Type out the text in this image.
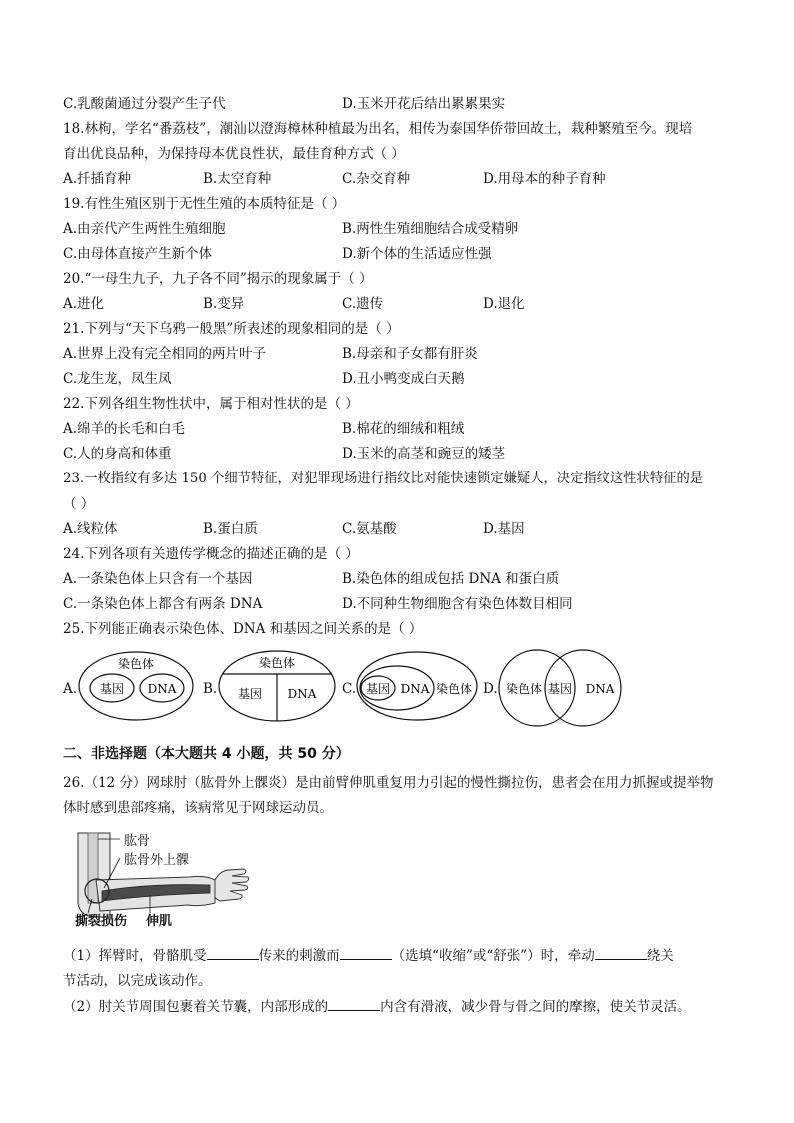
C.乳酸菌通过分裂产生子代	D.玉米开花后结出累累果实
18.林枸，学名“番荔枝”，潮汕以澄海樟林种植最为出名，相传为泰国华侨带回故土，栽种繁殖至今。现培
育出优良品种，为保持母本优良性状，最佳育种方式（ ）
A.扦插育种	B.太空育种	C.杂交育种	D.用母本的种子育种
19.有性生殖区别于无性生殖的本质特征是（ ）
A.由亲代产生两性生殖细胞	B.两性生殖细胞结合成受精卵
C.由母体直接产生新个体	D.新个体的生活适应性强
20.“一母生九子，九子各不同”揭示的现象属于（ ）
A.进化	B.变异	C.遗传	D.退化
21.下列与“天下乌鸦一般黑”所表述的现象相同的是（ ）
A.世界上没有完全相同的两片叶子	B.母亲和子女都有肝炎
C.龙生龙，凤生凤	D.丑小鸭变成白天鹅
22.下列各组生物性状中，属于相对性状的是（ ）
A.绵羊的长毛和白毛	B.棉花的细绒和粗绒
C.人的身高和体重	D.玉米的高茎和豌豆的矮茎
23.一枚指纹有多达 150 个细节特征，对犯罪现场进行指纹比对能快速锁定嫌疑人，决定指纹这性状特征的是
（ ）
A.线粒体	B.蛋白质	C.氨基酸	D.基因
24.下列各项有关遗传学概念的描述正确的是（ ）
A.一条染色体上只含有一个基因	B.染色体的组成包括 DNA 和蛋白质
C.一条染色体上都含有两条 DNA	D.不同种生物细胞含有染色体数目相同
25.下列能正确表示染色体、DNA 和基因之间关系的是（ ）
A.
染色体
基因 DNA B.
染色体
基因 DNA C. 基因 DNA 染色体 D. 染色体 基因 DNA
二、非选择题（本大题共 4 小题，共 50 分）
26.（12 分）网球肘（肱骨外上髁炎）是由前臂伸肌重复用力引起的慢性撕拉伤，患者会在用力抓握或提举物
体时感到患部疼痛，该病常见于网球运动员。
肱骨
肱骨外上髁
撕裂损伤 伸肌
（1）挥臂时，骨骼肌受	传来的刺激而	（选填“收缩”或“舒张”）时，牵动	绕关
节活动，以完成该动作。
（2）肘关节周围包裹着关节囊，内部形成的	内含有滑液，减少骨与骨之间的摩擦，使关节灵活。
